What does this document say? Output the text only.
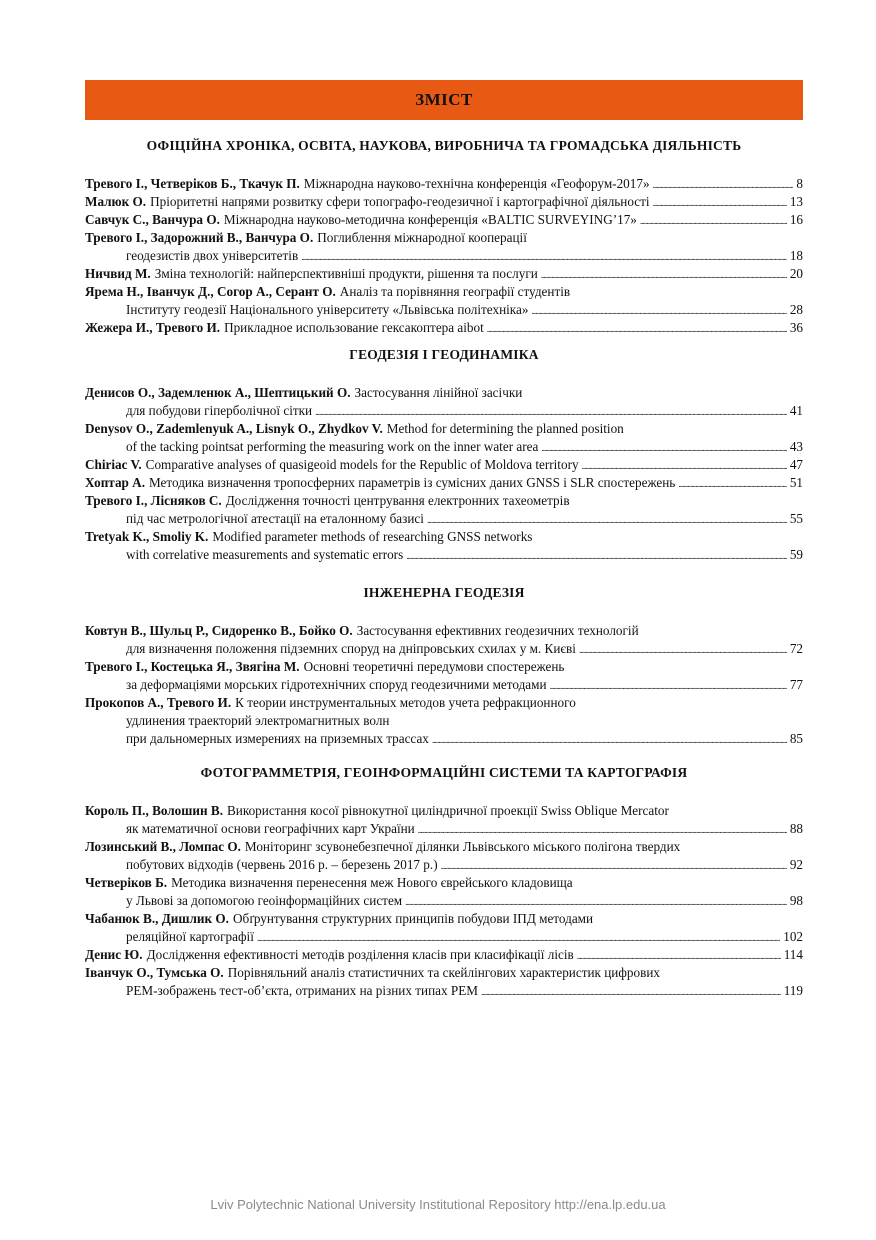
ЗМІСТ
ОФІЦІЙНА ХРОНІКА, ОСВІТА, НАУКОВА, ВИРОБНИЧА ТА ГРОМАДСЬКА ДІЯЛЬНІСТЬ
Тревого І., Четверіков Б., Ткачук П. Міжнародна науково-технічна конференція «Геофорум-2017» . . .	8
Малюк О. Пріоритетні напрями розвитку сфери топографо-геодезичної і картографічної діяльності . . .	13
Савчук С., Ванчура О. Міжнародна науково-методична конференція «BALTIC SURVEYING’17» . . .	16
Тревого І., Задорожний В., Ванчура О. Поглиблення міжнародної кооперації
геодезистів двох університетів . . .	18
Ничвид М. Зміна технологій: найперспективніші продукти, рішення та послуги . . .	20
Ярема Н., Іванчук Д., Согор А., Серант О. Аналіз та порівняння географії студентів
Інституту геодезії Національного університету «Львівська політехніка» . . .	28
Жежера И., Тревого И. Прикладное использование гексакоптера aibot . . .	36
ГЕОДЕЗІЯ І ГЕОДИНАМІКА
Денисов О., Задемленюк А., Шептицький О. Застосування лінійної засічки
для побудови гіперболічної сітки . . .	41
Denysov O., Zademlenyuk A., Lisnyk O., Zhydkov V. Method for determining the planned position
of the tacking pointsat performing the measuring work on the inner water area . . .	43
Chiriac V. Comparative analyses of quasigeoid models for the Republic of Moldova territory . . .	47
Хоптар А. Методика визначення тропосферних параметрів із сумісних даних GNSS і SLR спостережень . . .	51
Тревого І., Лісняков С. Дослідження точності центрування електронних тахеометрів
під час метрологічної атестації на еталонному базисі . . .	55
Tretyak K., Smoliy K. Modified parameter methods of researching GNSS networks
with correlative measurements and systematic errors . . .	59
ІНЖЕНЕРНА ГЕОДЕЗІЯ
Ковтун В., Шульц Р., Сидоренко В., Бойко О. Застосування ефективних геодезичних технологій
для визначення положення підземних споруд на дніпровських схилах у м. Києві . . .	72
Тревого І., Костецька Я., Звягіна М. Основні теоретичні передумови спостережень
за деформаціями морських гідротехнічних споруд геодезичними методами . . .	77
Прокопов А., Тревого И. К теории инструментальных методов учета рефракционного
удлинения траекторий электромагнитных волн
при дальномерных измерениях на приземных трассах . . .	85
ФОТОГРАММЕТРІЯ, ГЕОІНФОРМАЦІЙНІ СИСТЕМИ ТА КАРТОГРАФІЯ
Король П., Волошин В. Використання косої рівнокутної циліндричної проекції Swiss Oblique Mercator
як математичної основи географічних карт України . . .	88
Лозинський В., Ломпас О. Моніторинг зсувонебезпечної ділянки Львівського міського полігона твердих
побутових відходів (червень 2016 р. – березень 2017 р.) . . .	92
Четверіков Б. Методика визначення перенесення меж Нового єврейського кладовища
у Львові за допомогою геоінформаційних систем . . .	98
Чабанюк В., Дишлик О. Обґрунтування структурних принципів побудови ІПД методами
реляційної картографії . . .	102
Денис Ю. Дослідження ефективності методів розділення класів при класифікації лісів . . .	114
Іванчук О., Тумська О. Порівняльний аналіз статистичних та скейлінгових характеристик цифрових
РЕМ-зображень тест-об’єкта, отриманих на різних типах РЕМ . . .	119
Lviv Polytechnic National University Institutional Repository http://ena.lp.edu.ua
